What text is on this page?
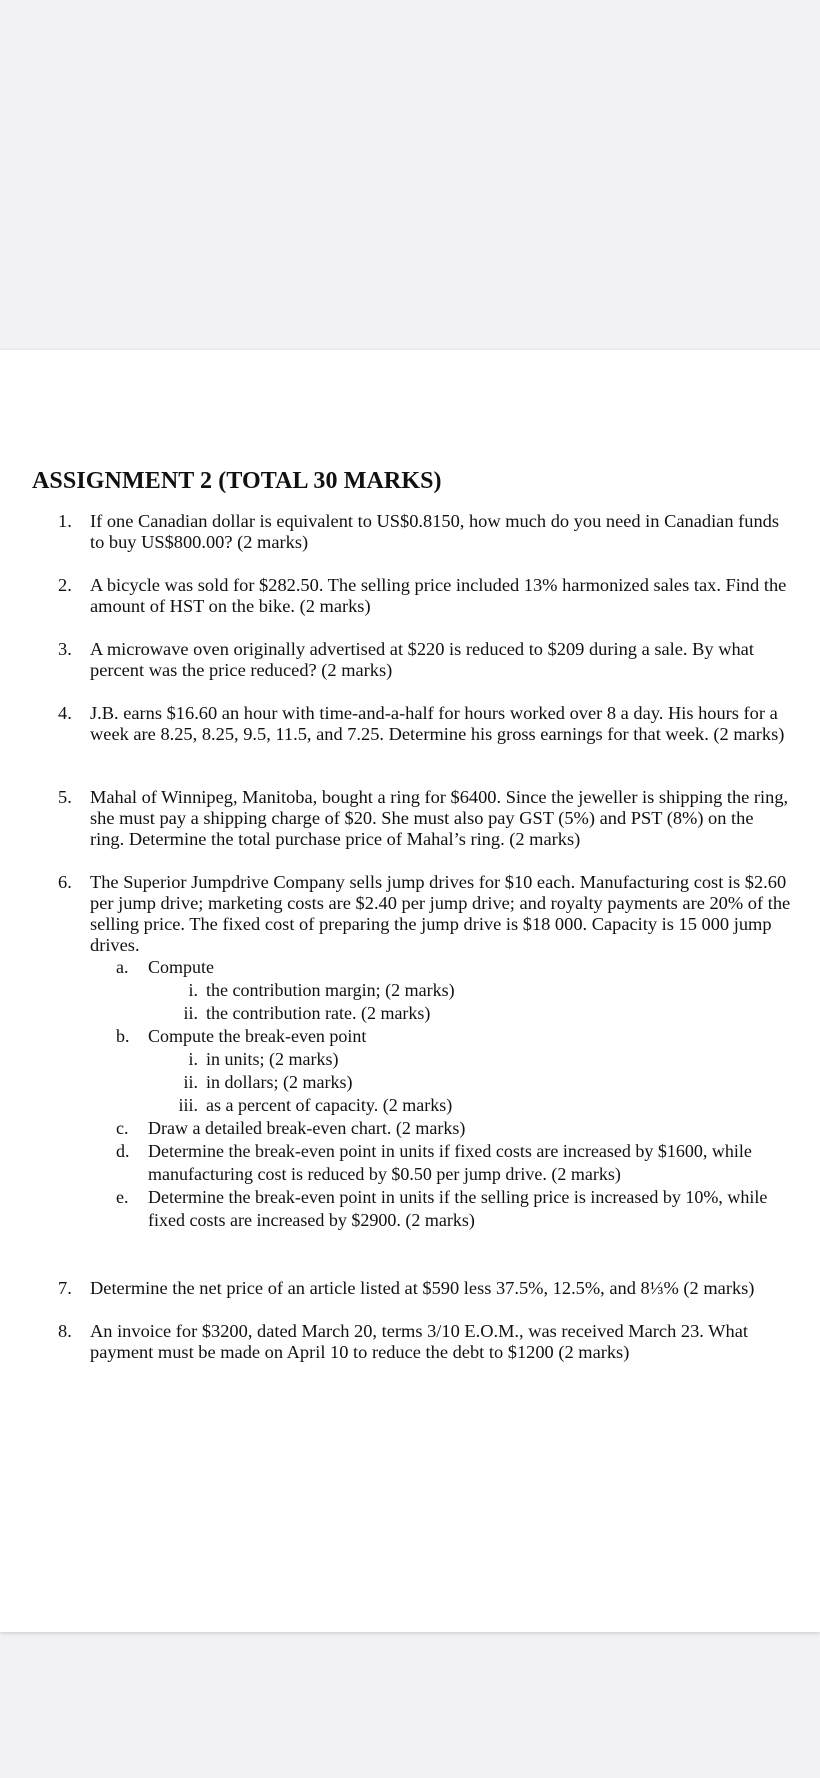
ASSIGNMENT 2 (TOTAL 30 MARKS)
1. If one Canadian dollar is equivalent to US$0.8150, how much do you need in Canadian funds to buy US$800.00? (2 marks)
2. A bicycle was sold for $282.50. The selling price included 13% harmonized sales tax. Find the amount of HST on the bike. (2 marks)
3. A microwave oven originally advertised at $220 is reduced to $209 during a sale. By what percent was the price reduced? (2 marks)
4. J.B. earns $16.60 an hour with time-and-a-half for hours worked over 8 a day. His hours for a week are 8.25, 8.25, 9.5, 11.5, and 7.25. Determine his gross earnings for that week. (2 marks)
5. Mahal of Winnipeg, Manitoba, bought a ring for $6400. Since the jeweller is shipping the ring, she must pay a shipping charge of $20. She must also pay GST (5%) and PST (8%) on the ring. Determine the total purchase price of Mahal’s ring. (2 marks)
6. The Superior Jumpdrive Company sells jump drives for $10 each. Manufacturing cost is $2.60 per jump drive; marketing costs are $2.40 per jump drive; and royalty payments are 20% of the selling price. The fixed cost of preparing the jump drive is $18 000. Capacity is 15 000 jump drives.
a. Compute
i. the contribution margin; (2 marks)
ii. the contribution rate. (2 marks)
b. Compute the break-even point
i. in units; (2 marks)
ii. in dollars; (2 marks)
iii. as a percent of capacity. (2 marks)
c. Draw a detailed break-even chart. (2 marks)
d. Determine the break-even point in units if fixed costs are increased by $1600, while manufacturing cost is reduced by $0.50 per jump drive. (2 marks)
e. Determine the break-even point in units if the selling price is increased by 10%, while fixed costs are increased by $2900. (2 marks)
7. Determine the net price of an article listed at $590 less 37.5%, 12.5%, and 8⅓% (2 marks)
8. An invoice for $3200, dated March 20, terms 3/10 E.O.M., was received March 23. What payment must be made on April 10 to reduce the debt to $1200 (2 marks)
